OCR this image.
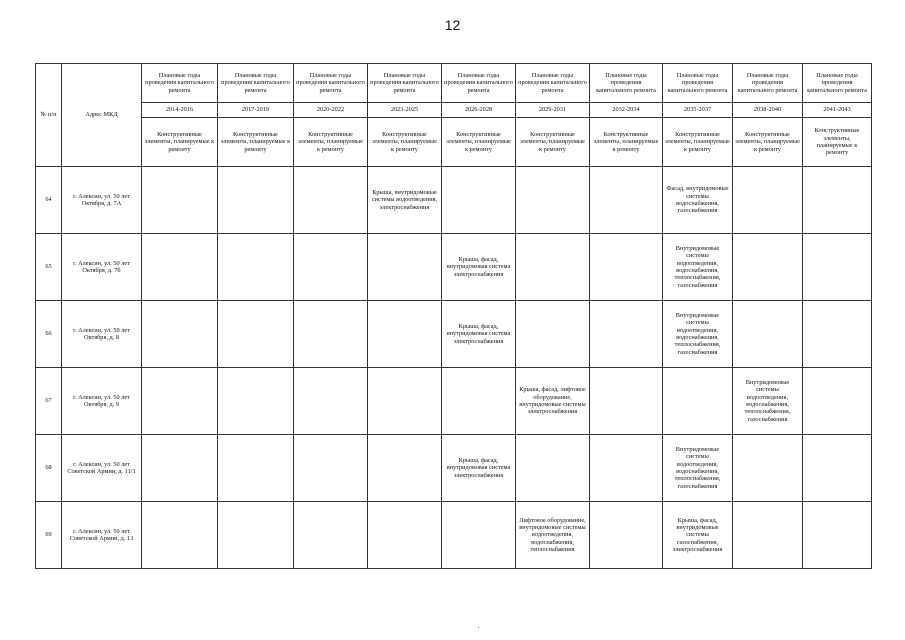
12
№ п/п	Адрес МКД	Плановые годы проведения капитального ремонта	Плановые годы проведения капитального ремонта	Плановые годы проведения капитального ремонта	Плановые годы проведения капитального ремонта	Плановые годы проведения капитального ремонта	Плановые годы проведения капитального ремонта	Плановые годы проведения капитального ремонта	Плановые годы проведения капитального ремонта	Плановые годы проведения капитального ремонта	Плановые годы проведения капитального ремонта
		2014-2016	2017-2019	2020-2022	2023-2025	2026-2028	2029-2031	2032-2034	2035-2037	2038-2040	2041-2043
		Конструктивные элементы, планируемые к ремонту	Конструктивные элементы, планируемые к ремонту	Конструктивные элементы, планируемые к ремонту	Конструктивные элементы, планируемые к ремонту	Конструктивные элементы, планируемые к ремонту	Конструктивные элементы, планируемые к ремонту	Конструктивные элементы, планируемые к ремонту	Конструктивные элементы, планируемые к ремонту	Конструктивные элементы, планируемые к ремонту	Конструктивные элементы, планируемые к ремонту
64	г. Алексин, ул. 50 лет Октября, д. 7А				Крыша, внутридомовые системы водоотведения, электроснабжения				Фасад, внутридомовые системы водоснабжения, газоснабжения		
65	г. Алексин, ул. 50 лет Октября, д. 7б					Крыша, фасад, внутридомовая система электроснабжения			Внутридомовые системы водоотведения, водоснабжения, теплоснабжения, газоснабжения		
66	г. Алексин, ул. 50 лет Октября, д. 8					Крыша, фасад, внутридомовая система электроснабжения			Внутридомовые системы водоотведения, водоснабжения, теплоснабжения, газоснабжения		
67	г. Алексин, ул. 50 лет Октября, д. 9						Крыша, фасад, лифтовое оборудование, внутридомовые системы электроснабжения			Внутридомовые системы водоотведения, водоснабжения, теплоснабжения, газоснабжения	
68	г. Алексин, ул. 50 лет Советской Армии, д. 11/1					Крыша, фасад, внутридомовая система электроснабжения			Внутридомовые системы водоотведения, водоснабжения, теплоснабжения, газоснабжения		
69	г. Алексин, ул. 50 лет Советской Армии, д. 13						Лифтовое оборудование, внутридомовые системы водоотведения, водоснабжения, теплоснабжения		Крыша, фасад, внутридомовые системы газоснабжения, электроснабжения		
